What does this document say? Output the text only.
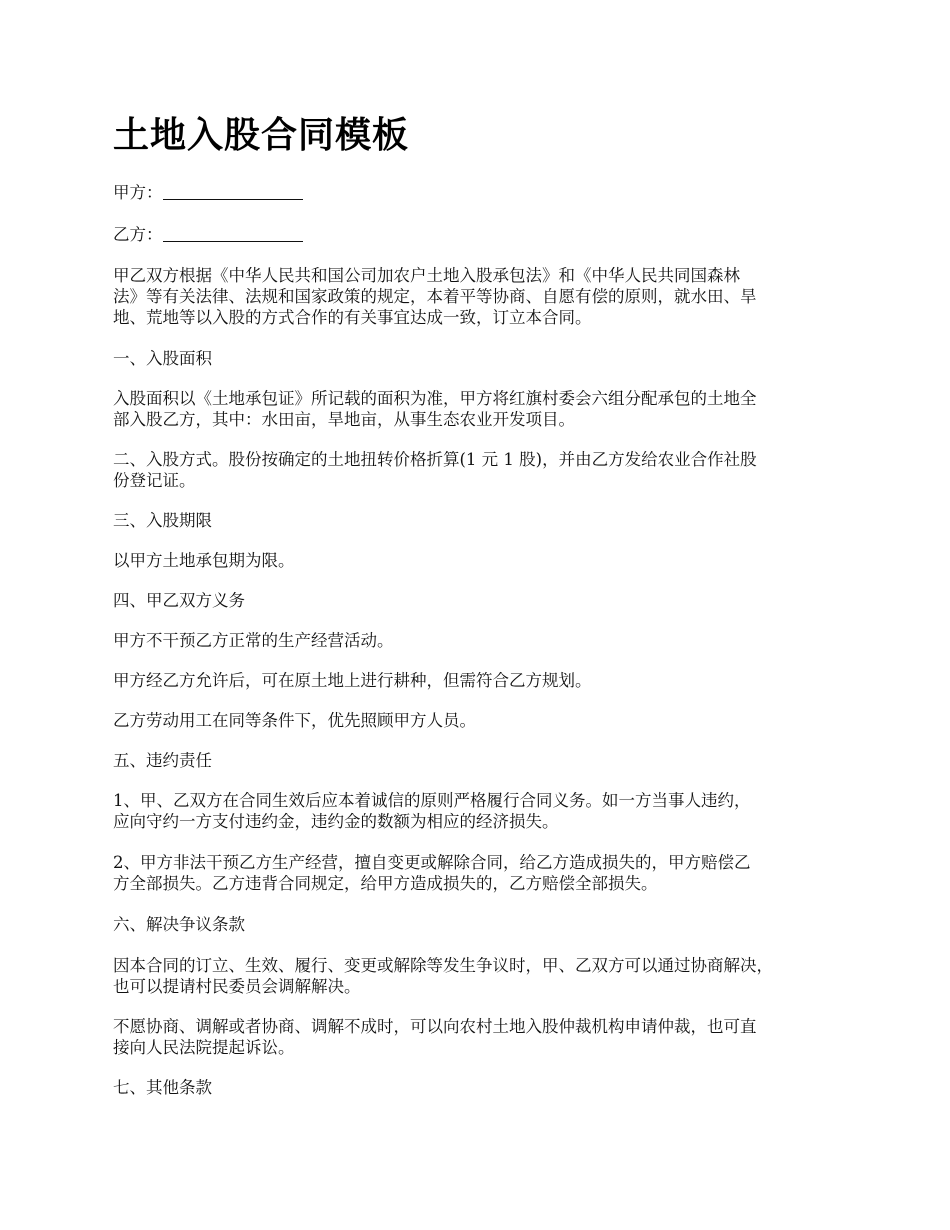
土地入股合同模板

甲方：

乙方：

甲乙双方根据《中华人民共和国公司加农户土地入股承包法》和《中华人民共同国森林
法》等有关法律、法规和国家政策的规定，本着平等协商、自愿有偿的原则，就水田、旱
地、荒地等以入股的方式合作的有关事宜达成一致，订立本合同。

一、入股面积

入股面积以《土地承包证》所记载的面积为准，甲方将红旗村委会六组分配承包的土地全
部入股乙方，其中：水田亩，旱地亩，从事生态农业开发项目。

二、入股方式。股份按确定的土地扭转价格折算(1 元 1 股)，并由乙方发给农业合作社股
份登记证。

三、入股期限

以甲方土地承包期为限。

四、甲乙双方义务

甲方不干预乙方正常的生产经营活动。

甲方经乙方允许后，可在原土地上进行耕种，但需符合乙方规划。

乙方劳动用工在同等条件下，优先照顾甲方人员。

五、违约责任

1、甲、乙双方在合同生效后应本着诚信的原则严格履行合同义务。如一方当事人违约，
应向守约一方支付违约金，违约金的数额为相应的经济损失。

2、甲方非法干预乙方生产经营，擅自变更或解除合同，给乙方造成损失的，甲方赔偿乙
方全部损失。乙方违背合同规定，给甲方造成损失的，乙方赔偿全部损失。

六、解决争议条款

因本合同的订立、生效、履行、变更或解除等发生争议时，甲、乙双方可以通过协商解决，
也可以提请村民委员会调解解决。

不愿协商、调解或者协商、调解不成时，可以向农村土地入股仲裁机构申请仲裁，也可直
接向人民法院提起诉讼。

七、其他条款
